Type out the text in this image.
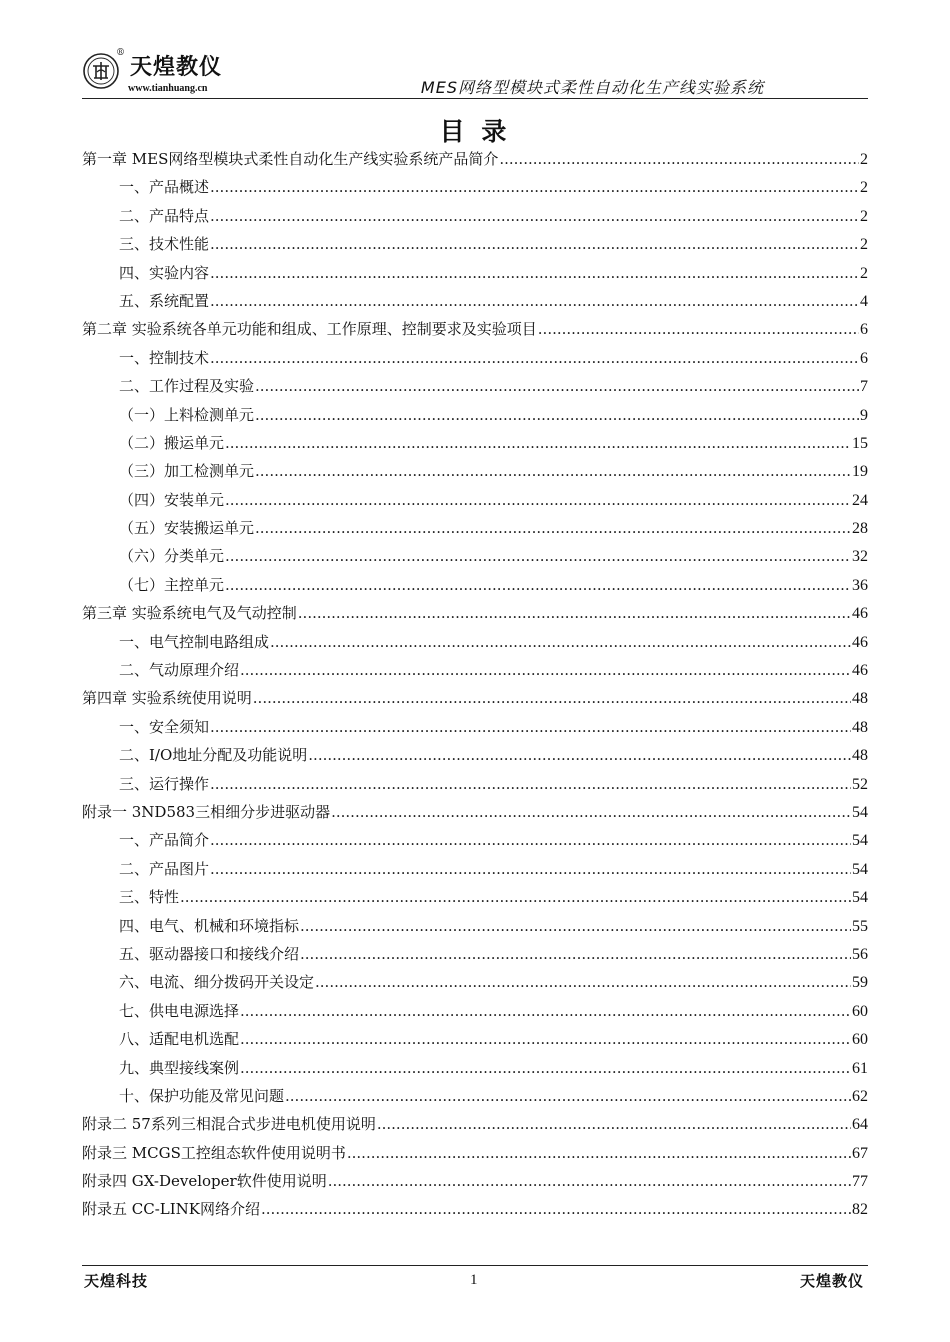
®
天煌教仪
www.tianhuang.cn	MES网络型模块式柔性自动化生产线实验系统
目 录
第一章 MES网络型模块式柔性自动化生产线实验系统产品简介 .....	2
一、产品概述 .....	2
二、产品特点 .....	2
三、技术性能 .....	2
四、实验内容 .....	2
五、系统配置 .....	4
第二章 实验系统各单元功能和组成、工作原理、控制要求及实验项目 .....	6
一、控制技术 .....	6
二、工作过程及实验 .....	7
（一）上料检测单元 .....	9
（二）搬运单元 .....	15
（三）加工检测单元 .....	19
（四）安装单元 .....	24
（五）安装搬运单元 .....	28
（六）分类单元 .....	32
（七）主控单元 .....	36
第三章 实验系统电气及气动控制 .....	46
一、电气控制电路组成 .....	46
二、气动原理介绍 .....	46
第四章 实验系统使用说明 .....	48
一、安全须知 .....	48
二、I/O地址分配及功能说明 .....	48
三、运行操作 .....	52
附录一 3ND583三相细分步进驱动器 .....	54
一、产品简介 .....	54
二、产品图片 .....	54
三、特性 .....	54
四、电气、机械和环境指标 .....	55
五、驱动器接口和接线介绍 .....	56
六、电流、细分拨码开关设定 .....	59
七、供电电源选择 .....	60
八、适配电机选配 .....	60
九、典型接线案例 .....	61
十、保护功能及常见问题 .....	62
附录二 57系列三相混合式步进电机使用说明 .....	64
附录三 MCGS工控组态软件使用说明书 .....	67
附录四 GX-Developer软件使用说明 .....	77
附录五 CC-LINK网络介绍 .....	82
天煌科技	1	天煌教仪
